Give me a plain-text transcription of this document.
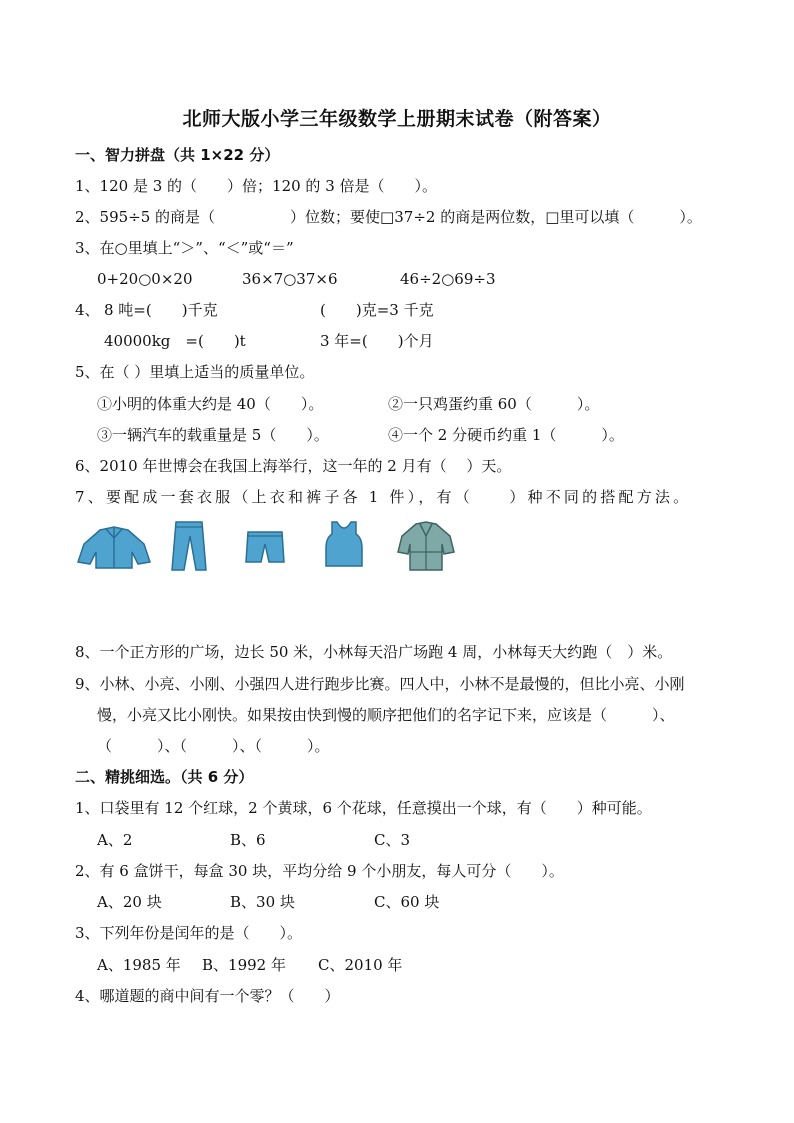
北师大版小学三年级数学上册期末试卷（附答案）
一、智力拼盘（共 1×22 分）
1、120 是 3 的（　　）倍；120 的 3 倍是（　　）。
2、595÷5 的商是（　　　　　）位数；要使□37÷2 的商是两位数，□里可以填（　　　）。
3、在○里填上“＞”、“＜”或“＝”
0+20○0×20	36×7○37×6	46÷2○69÷3
4、 8 吨=(　　)千克	(　　)克=3 千克
40000kg　=(　　)t	3 年=(　　)个月
5、在（ ）里填上适当的质量单位。
①小明的体重大约是 40（　　）。	②一只鸡蛋约重 60（　　　）。
③一辆汽车的载重量是 5（　　）。	④一个 2 分硬币约重 1（　　　）。
6、2010 年世博会在我国上海举行，这一年的 2 月有（　 ）天。
7、要配成一套衣服（上衣和裤子各 1 件），有（　　）种不同的搭配方法。
8、一个正方形的广场，边长 50 米，小林每天沿广场跑 4 周，小林每天大约跑（　）米。
9、小林、小亮、小刚、小强四人进行跑步比赛。四人中，小林不是最慢的，但比小亮、小刚
慢，小亮又比小刚快。如果按由快到慢的顺序把他们的名字记下来，应该是（　　　）、
（　　　）、（　　　）、（　　　）。
二、精挑细选。（共 6 分）
1、口袋里有 12 个红球，2 个黄球，6 个花球，任意摸出一个球，有（　　）种可能。
A、2	B、6	C、3
2、有 6 盒饼干，每盒 30 块，平均分给 9 个小朋友，每人可分（　　）。
A、20 块	B、30 块	C、60 块
3、下列年份是闰年的是（　　）。
A、1985 年 B、1992 年 C、2010 年
4、哪道题的商中间有一个零？（　　）
